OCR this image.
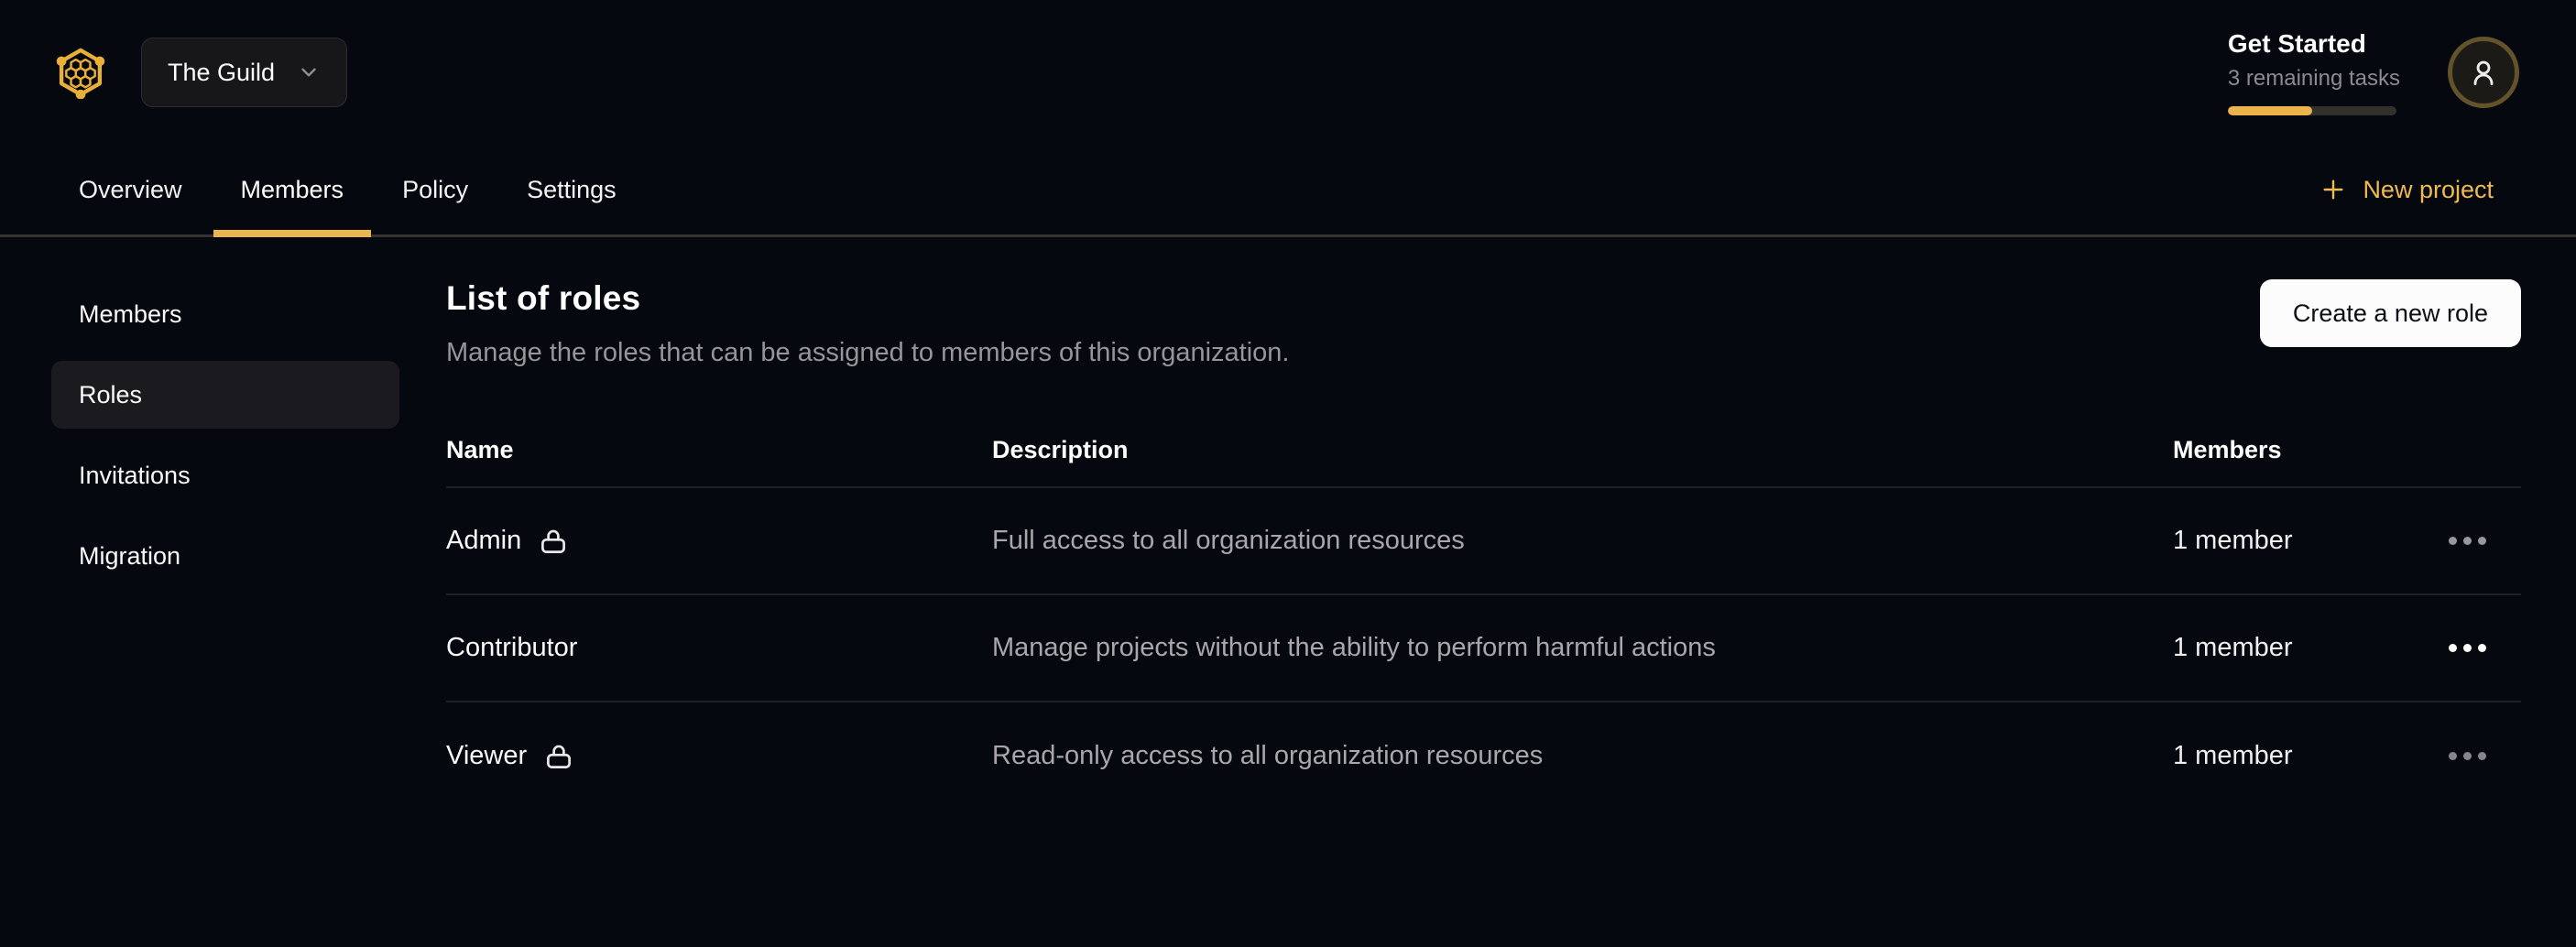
The Guild
Get Started
3 remaining tasks
Overview	Members	Policy	Settings	New project
Members
Roles
Invitations
Migration
List of roles

Manage the roles that can be assigned to members of this organization.

Create a new role
Name	Description	Members
Admin	Full access to all organization resources	1 member
Contributor	Manage projects without the ability to perform harmful actions	1 member
Viewer	Read-only access to all organization resources	1 member
